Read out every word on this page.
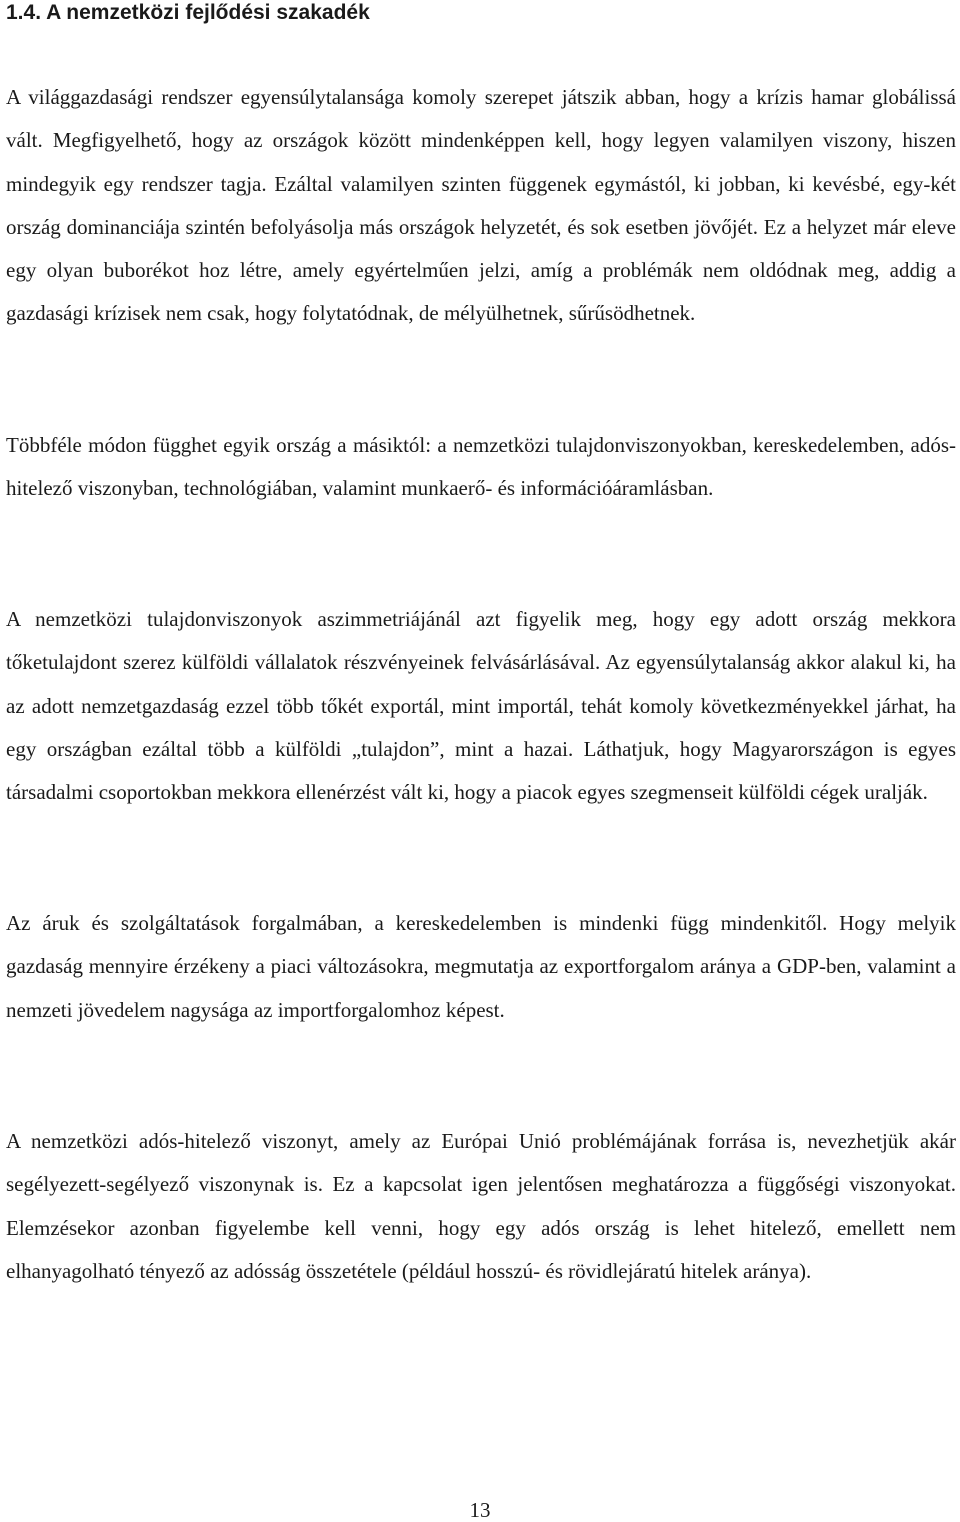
1.4. A nemzetközi fejlődési szakadék

A világgazdasági rendszer egyensúlytalansága komoly szerepet játszik abban, hogy a krízis hamar globálissá vált. Megfigyelhető, hogy az országok között mindenképpen kell, hogy legyen valamilyen viszony, hiszen mindegyik egy rendszer tagja. Ezáltal valamilyen szinten függenek egymástól, ki jobban, ki kevésbé, egy-két ország dominanciája szintén befolyásolja más országok helyzetét, és sok esetben jövőjét. Ez a helyzet már eleve egy olyan buborékot hoz létre, amely egyértelműen jelzi, amíg a problémák nem oldódnak meg, addig a gazdasági krízisek nem csak, hogy folytatódnak, de mélyülhetnek, sűrűsödhetnek.

Többféle módon függhet egyik ország a másiktól: a nemzetközi tulajdonviszonyokban, kereskedelemben, adós-hitelező viszonyban, technológiában, valamint munkaerő- és információáramlásban.

A nemzetközi tulajdonviszonyok aszimmetriájánál azt figyelik meg, hogy egy adott ország mekkora tőketulajdont szerez külföldi vállalatok részvényeinek felvásárlásával. Az egyensúlytalanság akkor alakul ki, ha az adott nemzetgazdaság ezzel több tőkét exportál, mint importál, tehát komoly következményekkel járhat, ha egy országban ezáltal több a külföldi „tulajdon”, mint a hazai. Láthatjuk, hogy Magyarországon is egyes társadalmi csoportokban mekkora ellenérzést vált ki, hogy a piacok egyes szegmenseit külföldi cégek uralják.

Az áruk és szolgáltatások forgalmában, a kereskedelemben is mindenki függ mindenkitől. Hogy melyik gazdaság mennyire érzékeny a piaci változásokra, megmutatja az exportforgalom aránya a GDP-ben, valamint a nemzeti jövedelem nagysága az importforgalomhoz képest.

A nemzetközi adós-hitelező viszonyt, amely az Európai Unió problémájának forrása is, nevezhetjük akár segélyezett-segélyező viszonynak is. Ez a kapcsolat igen jelentősen meghatározza a függőségi viszonyokat. Elemzésekor azonban figyelembe kell venni, hogy egy adós ország is lehet hitelező, emellett nem elhanyagolható tényező az adósság összetétele (például hosszú- és rövidlejáratú hitelek aránya).

13
